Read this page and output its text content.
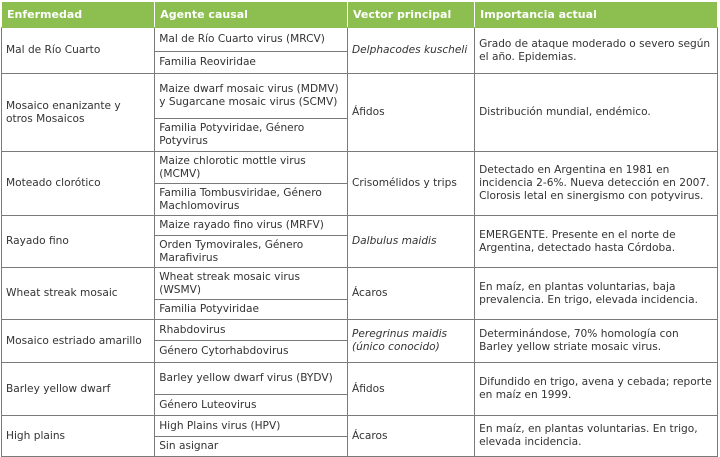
Enfermedad	Agente causal	Vector principal	Importancia actual
Mal de Río Cuarto	Mal de Río Cuarto virus (MRCV)	Delphacodes kuscheli	Grado de ataque moderado o severo según el año. Epidemias.
	Familia Reoviridae		
Mosaico enanizante y otros Mosaicos	Maize dwarf mosaic virus (MDMV) y Sugarcane mosaic virus (SCMV)	Áfidos	Distribución mundial, endémico.
	Familia Potyviridae, Género Potyvirus		
Moteado clorótico	Maize chlorotic mottle virus (MCMV)	Crisomélidos y trips	Detectado en Argentina en 1981 en incidencia 2-6%. Nueva detección en 2007. Clorosis letal en sinergismo con potyvirus.
	Familia Tombusviridae, Género Machlomovirus		
Rayado fino	Maize rayado fino virus (MRFV)	Dalbulus maidis	EMERGENTE. Presente en el norte de Argentina, detectado hasta Córdoba.
	Orden Tymovirales, Género Marafivirus		
Wheat streak mosaic	Wheat streak mosaic virus (WSMV)	Ácaros	En maíz, en plantas voluntarias, baja prevalencia. En trigo, elevada incidencia.
	Familia Potyviridae		
Mosaico estriado amarillo	Rhabdovirus	Peregrinus maidis (único conocido)	Determinándose, 70% homología con Barley yellow striate mosaic virus.
	Género Cytorhabdovirus		
Barley yellow dwarf	Barley yellow dwarf virus (BYDV)	Áfidos	Difundido en trigo, avena y cebada; reporte en maíz en 1999.
	Género Luteovirus		
High plains	High Plains virus (HPV)	Ácaros	En maíz, en plantas voluntarias. En trigo, elevada incidencia.
	Sin asignar		
